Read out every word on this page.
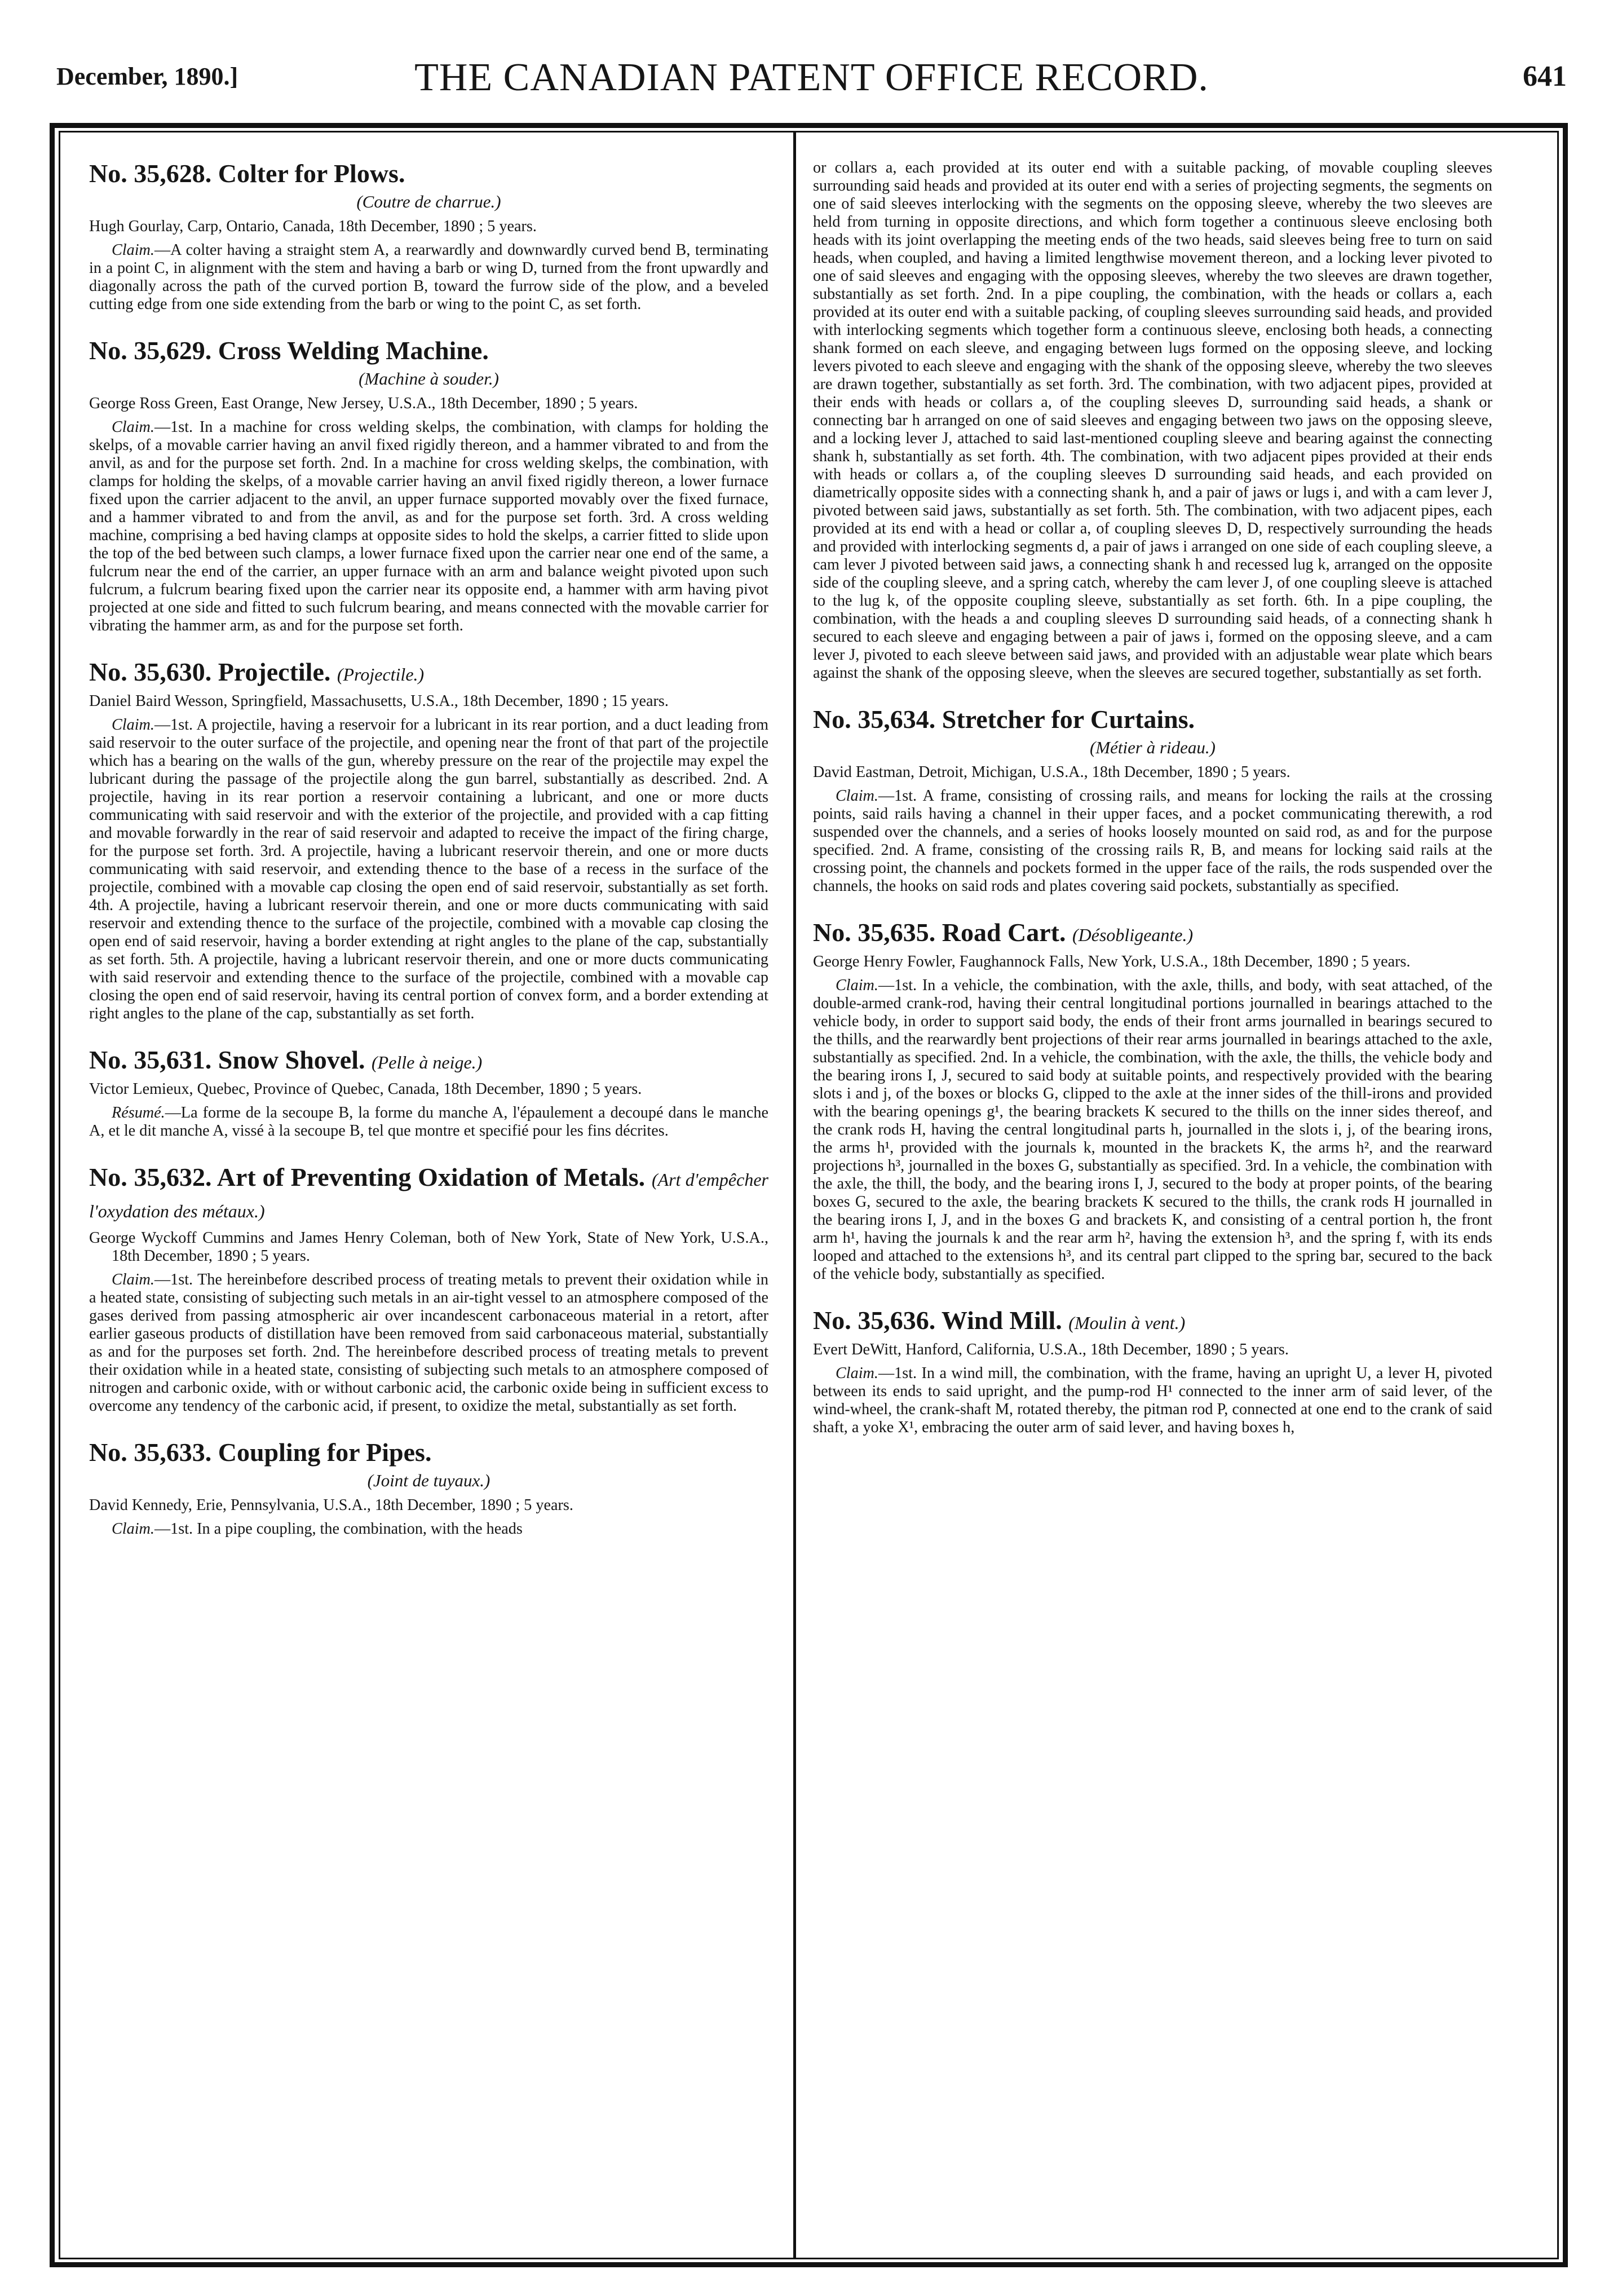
December, 1890.]	THE CANADIAN PATENT OFFICE RECORD.	641
No. 35,628. Colter for Plows.
(Coutre de charrue.)
Hugh Gourlay, Carp, Ontario, Canada, 18th December, 1890 ; 5 years.
Claim.—A colter having a straight stem A, a rearwardly and downwardly curved bend B, terminating in a point C, in alignment with the stem and having a barb or wing D, turned from the front upwardly and diagonally across the path of the curved portion B, toward the furrow side of the plow, and a beveled cutting edge from one side extending from the barb or wing to the point C, as set forth.
No. 35,629. Cross Welding Machine.
(Machine à souder.)
George Ross Green, East Orange, New Jersey, U.S.A., 18th December, 1890 ; 5 years.
Claim.—1st. In a machine for cross welding skelps, the combination, with clamps for holding the skelps, of a movable carrier having an anvil fixed rigidly thereon, and a hammer vibrated to and from the anvil, as and for the purpose set forth. 2nd. In a machine for cross welding skelps, the combination, with clamps for holding the skelps, of a movable carrier having an anvil fixed rigidly thereon, a lower furnace fixed upon the carrier adjacent to the anvil, an upper furnace supported movably over the fixed furnace, and a hammer vibrated to and from the anvil, as and for the purpose set forth. 3rd. A cross welding machine, comprising a bed having clamps at opposite sides to hold the skelps, a carrier fitted to slide upon the top of the bed between such clamps, a lower furnace fixed upon the carrier near one end of the same, a fulcrum near the end of the carrier, an upper furnace with an arm and balance weight pivoted upon such fulcrum, a fulcrum bearing fixed upon the carrier near its opposite end, a hammer with arm having pivot projected at one side and fitted to such fulcrum bearing, and means connected with the movable carrier for vibrating the hammer arm, as and for the purpose set forth.
No. 35,630. Projectile. (Projectile.)
Daniel Baird Wesson, Springfield, Massachusetts, U.S.A., 18th December, 1890 ; 15 years.
Claim.—1st. A projectile, having a reservoir for a lubricant in its rear portion, and a duct leading from said reservoir to the outer surface of the projectile, and opening near the front of that part of the projectile which has a bearing on the walls of the gun, whereby pressure on the rear of the projectile may expel the lubricant during the passage of the projectile along the gun barrel, substantially as described. 2nd. A projectile, having in its rear portion a reservoir containing a lubricant, and one or more ducts communicating with said reservoir and with the exterior of the projectile, and provided with a cap fitting and movable forwardly in the rear of said reservoir and adapted to receive the impact of the firing charge, for the purpose set forth. 3rd. A projectile, having a lubricant reservoir therein, and one or more ducts communicating with said reservoir, and extending thence to the base of a recess in the surface of the projectile, combined with a movable cap closing the open end of said reservoir, substantially as set forth. 4th. A projectile, having a lubricant reservoir therein, and one or more ducts communicating with said reservoir and extending thence to the surface of the projectile, combined with a movable cap closing the open end of said reservoir, having a border extending at right angles to the plane of the cap, substantially as set forth. 5th. A projectile, having a lubricant reservoir therein, and one or more ducts communicating with said reservoir and extending thence to the surface of the projectile, combined with a movable cap closing the open end of said reservoir, having its central portion of convex form, and a border extending at right angles to the plane of the cap, substantially as set forth.
No. 35,631. Snow Shovel. (Pelle à neige.)
Victor Lemieux, Quebec, Province of Quebec, Canada, 18th December, 1890 ; 5 years.
Résumé.—La forme de la secoupe B, la forme du manche A, l'épaulement a decoupé dans le manche A, et le dit manche A, vissé à la secoupe B, tel que montre et specifié pour les fins décrites.
No. 35,632. Art of Preventing Oxidation of Metals. (Art d'empêcher l'oxydation des métaux.)
George Wyckoff Cummins and James Henry Coleman, both of New York, State of New York, U.S.A., 18th December, 1890 ; 5 years.
Claim.—1st. The hereinbefore described process of treating metals to prevent their oxidation while in a heated state, consisting of subjecting such metals in an air-tight vessel to an atmosphere composed of the gases derived from passing atmospheric air over incandescent carbonaceous material in a retort, after earlier gaseous products of distillation have been removed from said carbonaceous material, substantially as and for the purposes set forth. 2nd. The hereinbefore described process of treating metals to prevent their oxidation while in a heated state, consisting of subjecting such metals to an atmosphere composed of nitrogen and carbonic oxide, with or without carbonic acid, the carbonic oxide being in sufficient excess to overcome any tendency of the carbonic acid, if present, to oxidize the metal, substantially as set forth.
No. 35,633. Coupling for Pipes.
(Joint de tuyaux.)
David Kennedy, Erie, Pennsylvania, U.S.A., 18th December, 1890 ; 5 years.
Claim.—1st. In a pipe coupling, the combination, with the heads
or collars a, each provided at its outer end with a suitable packing, of movable coupling sleeves surrounding said heads and provided at its outer end with a series of projecting segments, the segments on one of said sleeves interlocking with the segments on the opposing sleeve, whereby the two sleeves are held from turning in opposite directions, and which form together a continuous sleeve enclosing both heads with its joint overlapping the meeting ends of the two heads, said sleeves being free to turn on said heads, when coupled, and having a limited lengthwise movement thereon, and a locking lever pivoted to one of said sleeves and engaging with the opposing sleeves, whereby the two sleeves are drawn together, substantially as set forth. 2nd. In a pipe coupling, the combination, with the heads or collars a, each provided at its outer end with a suitable packing, of coupling sleeves surrounding said heads, and provided with interlocking segments which together form a continuous sleeve, enclosing both heads, a connecting shank formed on each sleeve, and engaging between lugs formed on the opposing sleeve, and locking levers pivoted to each sleeve and engaging with the shank of the opposing sleeve, whereby the two sleeves are drawn together, substantially as set forth. 3rd. The combination, with two adjacent pipes, provided at their ends with heads or collars a, of the coupling sleeves D, surrounding said heads, a shank or connecting bar h arranged on one of said sleeves and engaging between two jaws on the opposing sleeve, and a locking lever J, attached to said last-mentioned coupling sleeve and bearing against the connecting shank h, substantially as set forth. 4th. The combination, with two adjacent pipes provided at their ends with heads or collars a, of the coupling sleeves D surrounding said heads, and each provided on diametrically opposite sides with a connecting shank h, and a pair of jaws or lugs i, and with a cam lever J, pivoted between said jaws, substantially as set forth. 5th. The combination, with two adjacent pipes, each provided at its end with a head or collar a, of coupling sleeves D, D, respectively surrounding the heads and provided with interlocking segments d, a pair of jaws i arranged on one side of each coupling sleeve, a cam lever J pivoted between said jaws, a connecting shank h and recessed lug k, arranged on the opposite side of the coupling sleeve, and a spring catch, whereby the cam lever J, of one coupling sleeve is attached to the lug k, of the opposite coupling sleeve, substantially as set forth. 6th. In a pipe coupling, the combination, with the heads a and coupling sleeves D surrounding said heads, of a connecting shank h secured to each sleeve and engaging between a pair of jaws i, formed on the opposing sleeve, and a cam lever J, pivoted to each sleeve between said jaws, and provided with an adjustable wear plate which bears against the shank of the opposing sleeve, when the sleeves are secured together, substantially as set forth.
No. 35,634. Stretcher for Curtains.
(Métier à rideau.)
David Eastman, Detroit, Michigan, U.S.A., 18th December, 1890 ; 5 years.
Claim.—1st. A frame, consisting of crossing rails, and means for locking the rails at the crossing points, said rails having a channel in their upper faces, and a pocket communicating therewith, a rod suspended over the channels, and a series of hooks loosely mounted on said rod, as and for the purpose specified. 2nd. A frame, consisting of the crossing rails R, B, and means for locking said rails at the crossing point, the channels and pockets formed in the upper face of the rails, the rods suspended over the channels, the hooks on said rods and plates covering said pockets, substantially as specified.
No. 35,635. Road Cart. (Désobligeante.)
George Henry Fowler, Faughannock Falls, New York, U.S.A., 18th December, 1890 ; 5 years.
Claim.—1st. In a vehicle, the combination, with the axle, thills, and body, with seat attached, of the double-armed crank-rod, having their central longitudinal portions journalled in bearings attached to the vehicle body, in order to support said body, the ends of their front arms journalled in bearings secured to the thills, and the rearwardly bent projections of their rear arms journalled in bearings attached to the axle, substantially as specified. 2nd. In a vehicle, the combination, with the axle, the thills, the vehicle body and the bearing irons I, J, secured to said body at suitable points, and respectively provided with the bearing slots i and j, of the boxes or blocks G, clipped to the axle at the inner sides of the thill-irons and provided with the bearing openings g¹, the bearing brackets K secured to the thills on the inner sides thereof, and the crank rods H, having the central longitudinal parts h, journalled in the slots i, j, of the bearing irons, the arms h¹, provided with the journals k, mounted in the brackets K, the arms h², and the rearward projections h³, journalled in the boxes G, substantially as specified. 3rd. In a vehicle, the combination with the axle, the thill, the body, and the bearing irons I, J, secured to the body at proper points, of the bearing boxes G, secured to the axle, the bearing brackets K secured to the thills, the crank rods H journalled in the bearing irons I, J, and in the boxes G and brackets K, and consisting of a central portion h, the front arm h¹, having the journals k and the rear arm h², having the extension h³, and the spring f, with its ends looped and attached to the extensions h³, and its central part clipped to the spring bar, secured to the back of the vehicle body, substantially as specified.
No. 35,636. Wind Mill. (Moulin à vent.)
Evert DeWitt, Hanford, California, U.S.A., 18th December, 1890 ; 5 years.
Claim.—1st. In a wind mill, the combination, with the frame, having an upright U, a lever H, pivoted between its ends to said upright, and the pump-rod H¹ connected to the inner arm of said lever, of the wind-wheel, the crank-shaft M, rotated thereby, the pitman rod P, connected at one end to the crank of said shaft, a yoke X¹, embracing the outer arm of said lever, and having boxes h,
